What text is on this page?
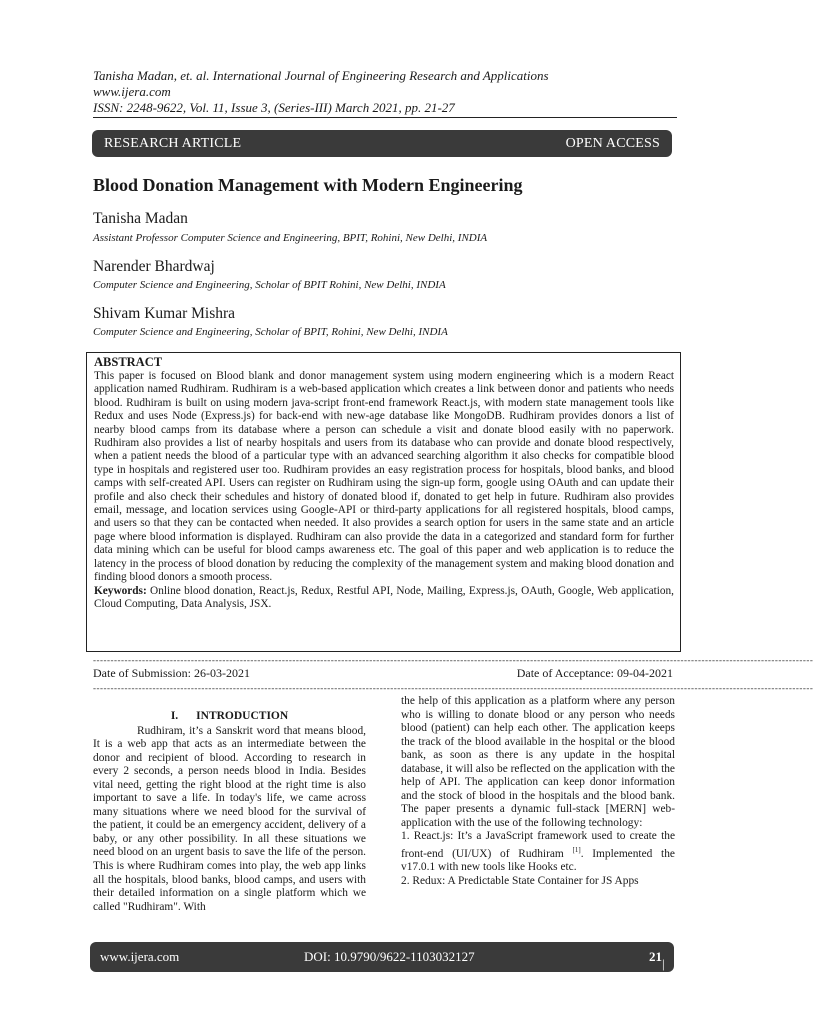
Tanisha Madan, et. al. International Journal of Engineering Research and Applications
www.ijera.com
ISSN: 2248-9622, Vol. 11, Issue 3, (Series-III) March 2021, pp. 21-27
RESEARCH ARTICLE	OPEN ACCESS
Blood Donation Management with Modern Engineering
Tanisha Madan
Assistant Professor Computer Science and Engineering, BPIT, Rohini, New Delhi, INDIA
Narender Bhardwaj
Computer Science and Engineering, Scholar of BPIT Rohini, New Delhi, INDIA
Shivam Kumar Mishra
Computer Science and Engineering, Scholar of BPIT, Rohini, New Delhi, INDIA
ABSTRACT

This paper is focused on Blood blank and donor management system using modern engineering which is a modern React application named Rudhiram. Rudhiram is a web-based application which creates a link between donor and patients who needs blood. Rudhiram is built on using modern java-script front-end framework React.js, with modern state management tools like Redux and uses Node (Express.js) for back-end with new-age database like MongoDB. Rudhiram provides donors a list of nearby blood camps from its database where a person can schedule a visit and donate blood easily with no paperwork. Rudhiram also provides a list of nearby hospitals and users from its database who can provide and donate blood respectively, when a patient needs the blood of a particular type with an advanced searching algorithm it also checks for compatible blood type in hospitals and registered user too. Rudhiram provides an easy registration process for hospitals, blood banks, and blood camps with self-created API. Users can register on Rudhiram using the sign-up form, google using OAuth and can update their profile and also check their schedules and history of donated blood if, donated to get help in future. Rudhiram also provides email, message, and location services using Google-API or third-party applications for all registered hospitals, blood camps, and users so that they can be contacted when needed. It also provides a search option for users in the same state and an article page where blood information is displayed. Rudhiram can also provide the data in a categorized and standard form for further data mining which can be useful for blood camps awareness etc. The goal of this paper and web application is to reduce the latency in the process of blood donation by reducing the complexity of the management system and making blood donation and finding blood donors a smooth process.

Keywords: Online blood donation, React.js, Redux, Restful API, Node, Mailing, Express.js, OAuth, Google, Web application, Cloud Computing, Data Analysis, JSX.

--------------------------------------------------------------------------------------------------------------------------------------------------------------------------------------------------------------
Date of Submission: 26-03-2021	Date of Acceptance: 09-04-2021
--------------------------------------------------------------------------------------------------------------------------------------------------------------------------------------------------------------
I. INTRODUCTION

Rudhiram, it’s a Sanskrit word that means blood, It is a web app that acts as an intermediate between the donor and recipient of blood. According to research in every 2 seconds, a person needs blood in India. Besides vital need, getting the right blood at the right time is also important to save a life. In today's life, we came across many situations where we need blood for the survival of the patient, it could be an emergency accident, delivery of a baby, or any other possibility. In all these situations we need blood on an urgent basis to save the life of the person. This is where Rudhiram comes into play, the web app links all the hospitals, blood banks, blood camps, and users with their detailed information on a single platform which we called "Rudhiram". With

the help of this application as a platform where any person who is willing to donate blood or any person who needs blood (patient) can help each other. The application keeps the track of the blood available in the hospital or the blood bank, as soon as there is any update in the hospital database, it will also be reflected on the application with the help of API. The application can keep donor information and the stock of blood in the hospitals and the blood bank. The paper presents a dynamic full-stack [MERN] web-application with the use of the following technology:

1. React.js: It’s a JavaScript framework used to create the front-end (UI/UX) of Rudhiram [1]. Implemented the v17.0.1 with new tools like Hooks etc.

2. Redux: A Predictable State Container for JS Apps

www.ijera.com	DOI: 10.9790/9622-1103032127	21 | P a g e
